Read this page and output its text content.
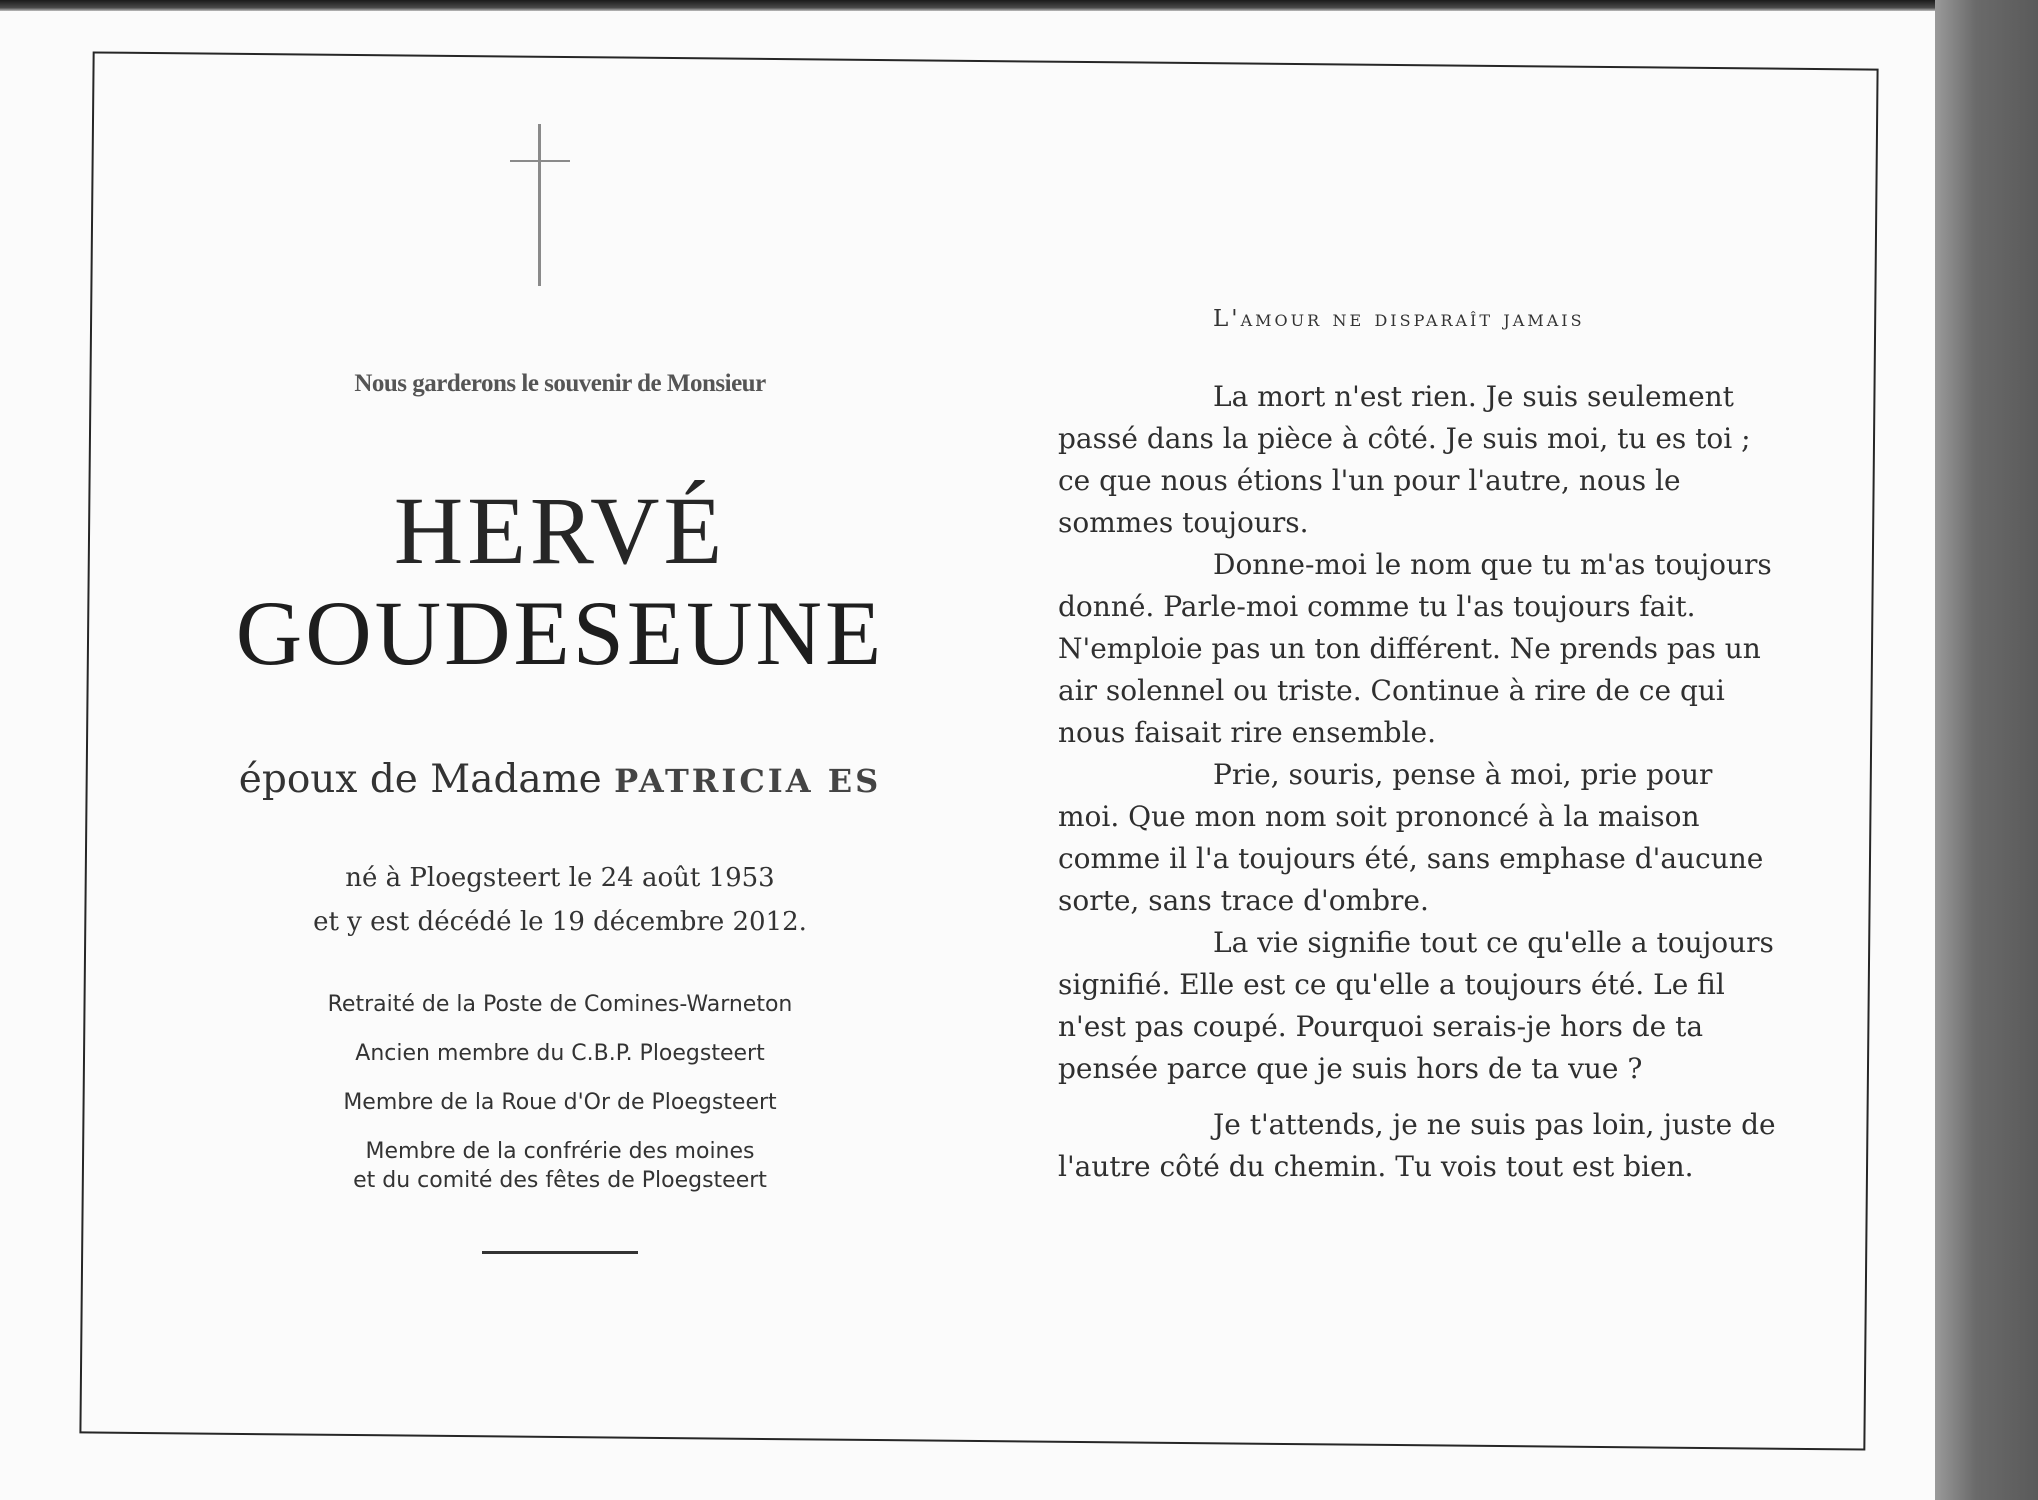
Nous garderons le souvenir de Monsieur

HERVÉ

GOUDESEUNE

époux de Madame PATRICIA ES

né à Ploegsteert le 24 août 1953
et y est décédé le 19 décembre 2012.
Retraité de la Poste de Comines-Warneton
Ancien membre du C.B.P. Ploegsteert
Membre de la Roue d'Or de Ploegsteert
Membre de la confrérie des moines
et du comité des fêtes de Ploegsteert

L'amour ne disparaît jamais

La mort n'est rien. Je suis seulement passé dans la pièce à côté. Je suis moi, tu es toi ; ce que nous étions l'un pour l'autre, nous le sommes toujours.

Donne-moi le nom que tu m'as toujours donné. Parle-moi comme tu l'as toujours fait. N'emploie pas un ton différent. Ne prends pas un air solennel ou triste. Continue à rire de ce qui nous faisait rire ensemble.

Prie, souris, pense à moi, prie pour moi. Que mon nom soit prononcé à la maison comme il l'a toujours été, sans emphase d'aucune sorte, sans trace d'ombre.

La vie signifie tout ce qu'elle a toujours signifié. Elle est ce qu'elle a toujours été. Le fil n'est pas coupé. Pourquoi serais-je hors de ta pensée parce que je suis hors de ta vue ?

Je t'attends, je ne suis pas loin, juste de l'autre côté du chemin. Tu vois tout est bien.
